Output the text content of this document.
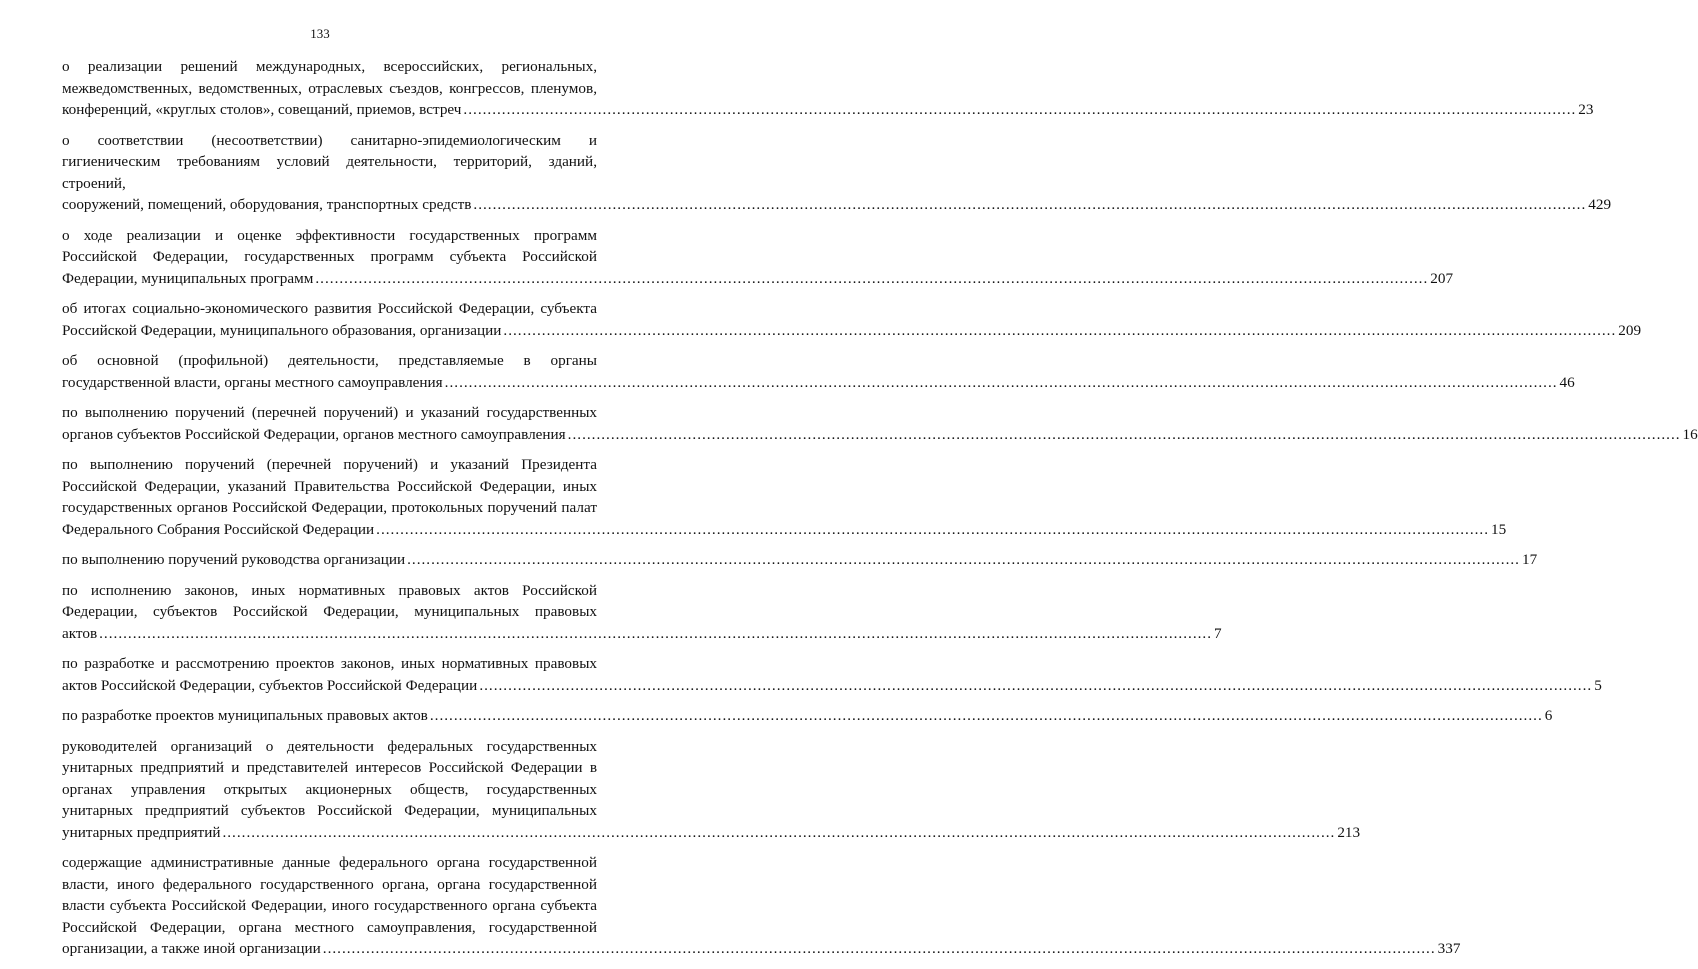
133
о реализации решений международных, всероссийских, региональных, межведомственных, ведомственных, отраслевых съездов, конгрессов, пленумов,
конференций, «круглых столов», совещаний, приемов, встреч .....	23
о соответствии (несоответствии) санитарно-эпидемиологическим и гигиеническим требованиям условий деятельности, территорий, зданий, строений,
сооружений, помещений, оборудования, транспортных средств .....	429
о ходе реализации и оценке эффективности государственных программ Российской Федерации, государственных программ субъекта Российской
Федерации, муниципальных программ .....	207
об итогах социально-экономического развития Российской Федерации, субъекта
Российской Федерации, муниципального образования, организации .....	209
об основной (профильной) деятельности, представляемые в органы
государственной власти, органы местного самоуправления .....	46
по выполнению поручений (перечней поручений) и указаний государственных
органов субъектов Российской Федерации, органов местного самоуправления .....	16
по выполнению поручений (перечней поручений) и указаний Президента Российской Федерации, указаний Правительства Российской Федерации, иных государственных органов Российской Федерации, протокольных поручений палат
Федерального Собрания Российской Федерации .....	15
по выполнению поручений руководства организации .....	17
по исполнению законов, иных нормативных правовых актов Российской Федерации, субъектов Российской Федерации, муниципальных правовых
актов .....	7
по разработке и рассмотрению проектов законов, иных нормативных правовых
актов Российской Федерации, субъектов Российской Федерации .....	5
по разработке проектов муниципальных правовых актов .....	6
руководителей организаций о деятельности федеральных государственных унитарных предприятий и представителей интересов Российской Федерации в органах управления открытых акционерных обществ, государственных унитарных предприятий субъектов Российской Федерации, муниципальных
унитарных предприятий .....	213
содержащие административные данные федерального органа государственной власти, иного федерального государственного органа, органа государственной власти субъекта Российской Федерации, иного государственного органа субъекта Российской Федерации, органа местного самоуправления, государственной
организации, а также иной организации .....	337
